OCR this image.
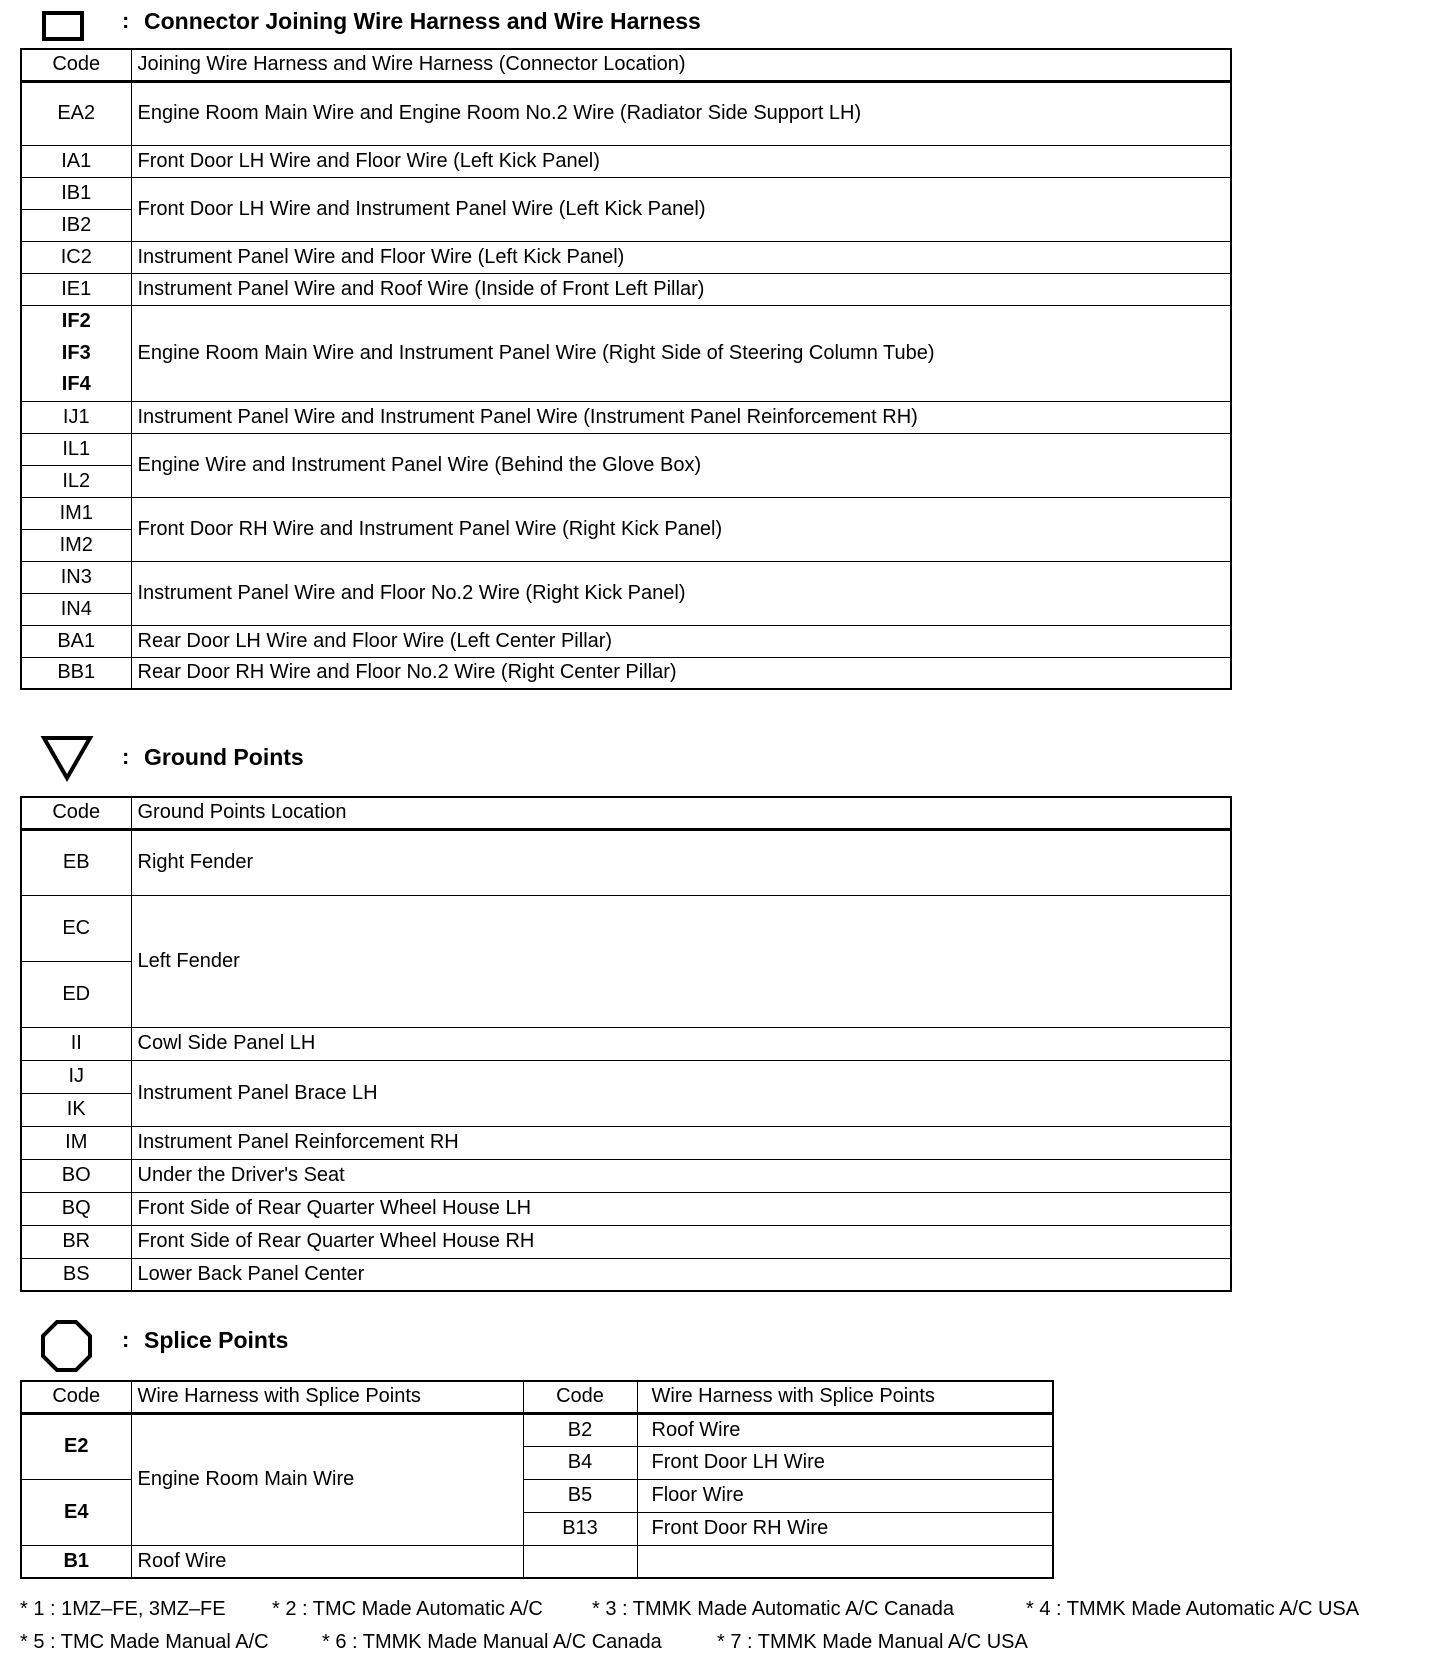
: Connector Joining Wire Harness and Wire Harness
Code	Joining Wire Harness and Wire Harness (Connector Location)
EA2	Engine Room Main Wire and Engine Room No.2 Wire (Radiator Side Support LH)
IA1	Front Door LH Wire and Floor Wire (Left Kick Panel)
IB1	Front Door LH Wire and Instrument Panel Wire (Left Kick Panel)
IB2	
IC2	Instrument Panel Wire and Floor Wire (Left Kick Panel)
IE1	Instrument Panel Wire and Roof Wire (Inside of Front Left Pillar)
IF2	Engine Room Main Wire and Instrument Panel Wire (Right Side of Steering Column Tube)
IF3	
IF4	
IJ1	Instrument Panel Wire and Instrument Panel Wire (Instrument Panel Reinforcement RH)
IL1	Engine Wire and Instrument Panel Wire (Behind the Glove Box)
IL2	
IM1	Front Door RH Wire and Instrument Panel Wire (Right Kick Panel)
IM2	
IN3	Instrument Panel Wire and Floor No.2 Wire (Right Kick Panel)
IN4	
BA1	Rear Door LH Wire and Floor Wire (Left Center Pillar)
BB1	Rear Door RH Wire and Floor No.2 Wire (Right Center Pillar)
: Ground Points
Code	Ground Points Location
EB	Right Fender
EC	Left Fender
ED	
II	Cowl Side Panel LH
IJ	Instrument Panel Brace LH
IK	
IM	Instrument Panel Reinforcement RH
BO	Under the Driver's Seat
BQ	Front Side of Rear Quarter Wheel House LH
BR	Front Side of Rear Quarter Wheel House RH
BS	Lower Back Panel Center
: Splice Points
Code	Wire Harness with Splice Points	Code	Wire Harness with Splice Points
E2	Engine Room Main Wire	B2	Roof Wire
		B4	Front Door LH Wire
E4		B5	Floor Wire
		B13	Front Door RH Wire
B1	Roof Wire		
* 1 : 1MZ–FE, 3MZ–FE * 2 : TMC Made Automatic A/C * 3 : TMMK Made Automatic A/C Canada	* 4 : TMMK Made Automatic A/C USA
* 5 : TMC Made Manual A/C	* 6 : TMMK Made Manual A/C Canada	* 7 : TMMK Made Manual A/C USA
